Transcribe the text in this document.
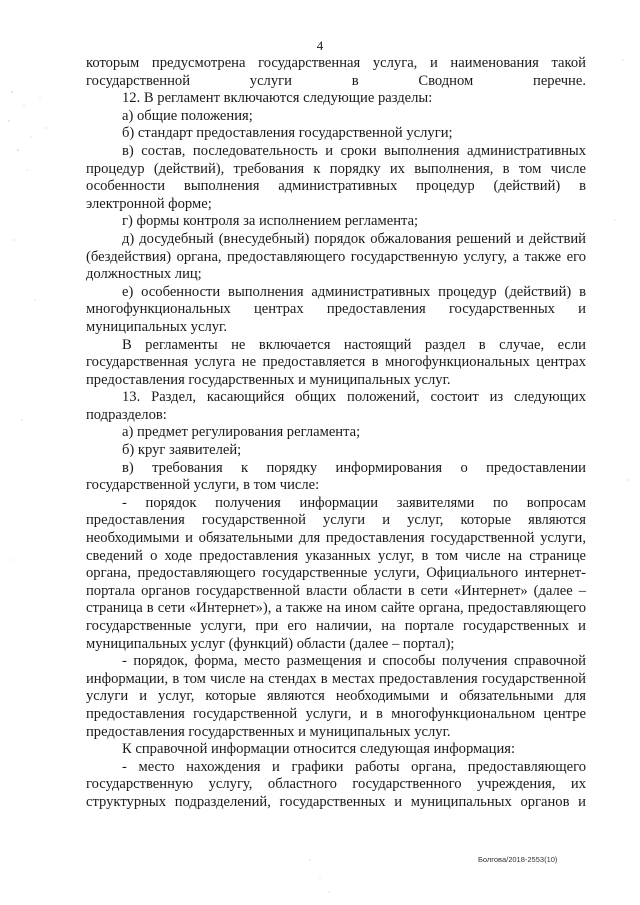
4

которым предусмотрена государственная услуга, и наименования такой государственной услуги в Сводном перечне.

12. В регламент включаются следующие разделы:

а) общие положения;

б) стандарт предоставления государственной услуги;

в) состав, последовательность и сроки выполнения административных процедур (действий), требования к порядку их выполнения, в том числе особенности выполнения административных процедур (действий) в электронной форме;

г) формы контроля за исполнением регламента;

д) досудебный (внесудебный) порядок обжалования решений и действий (бездействия) органа, предоставляющего государственную услугу, а также его должностных лиц;

е) особенности выполнения административных процедур (действий) в многофункциональных центрах предоставления государственных и муниципальных услуг.

В регламенты не включается настоящий раздел в случае, если государственная услуга не предоставляется в многофункциональных центрах предоставления государственных и муниципальных услуг.

13. Раздел, касающийся общих положений, состоит из следующих подразделов:

а) предмет регулирования регламента;

б) круг заявителей;

в) требования к порядку информирования о предоставлении государственной услуги, в том числе:

- порядок получения информации заявителями по вопросам предоставления государственной услуги и услуг, которые являются необходимыми и обязательными для предоставления государственной услуги, сведений о ходе предоставления указанных услуг, в том числе на странице органа, предоставляющего государственные услуги, Официального интернет-портала органов государственной власти области в сети «Интернет» (далее – страница в сети «Интернет»), а также на ином сайте органа, предоставляющего государственные услуги, при его наличии, на портале государственных и муниципальных услуг (функций) области (далее – портал);

- порядок, форма, место размещения и способы получения справочной информации, в том числе на стендах в местах предоставления государственной услуги и услуг, которые являются необходимыми и обязательными для предоставления государственной услуги, и в многофункциональном центре предоставления государственных и муниципальных услуг.

К справочной информации относится следующая информация:

- место нахождения и графики работы органа, предоставляющего государственную услугу, областного государственного учреждения, их структурных подразделений, государственных и муниципальных органов и

Болгова/2018-2553(10)
